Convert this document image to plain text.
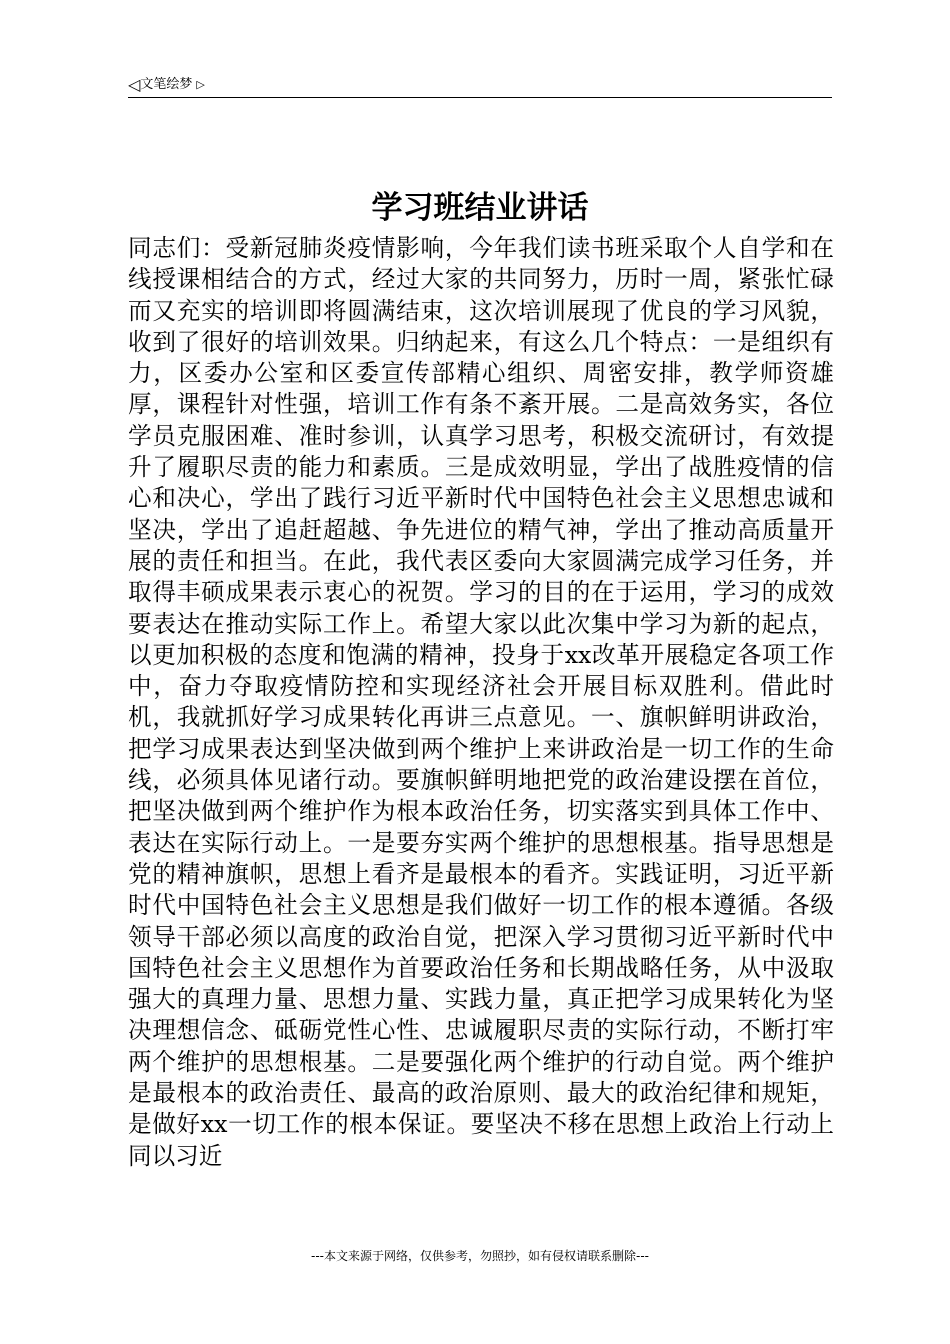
◁文笔绘梦 ▷
学习班结业讲话

同志们：受新冠肺炎疫情影响，今年我们读书班采取个人自学和在线授课相结合的方式，经过大家的共同努力，历时一周，紧张忙碌而又充实的培训即将圆满结束，这次培训展现了优良的学习风貌，收到了很好的培训效果。归纳起来，有这么几个特点：一是组织有力，区委办公室和区委宣传部精心组织、周密安排，教学师资雄厚，课程针对性强，培训工作有条不紊开展。二是高效务实，各位学员克服困难、准时参训，认真学习思考，积极交流研讨，有效提升了履职尽责的能力和素质。三是成效明显，学出了战胜疫情的信心和决心，学出了践行习近平新时代中国特色社会主义思想忠诚和坚决，学出了追赶超越、争先进位的精气神，学出了推动高质量开展的责任和担当。在此，我代表区委向大家圆满完成学习任务，并取得丰硕成果表示衷心的祝贺。学习的目的在于运用，学习的成效要表达在推动实际工作上。希望大家以此次集中学习为新的起点，以更加积极的态度和饱满的精神，投身于xx改革开展稳定各项工作中，奋力夺取疫情防控和实现经济社会开展目标双胜利。借此时机，我就抓好学习成果转化再讲三点意见。一、旗帜鲜明讲政治，把学习成果表达到坚决做到两个维护上来讲政治是一切工作的生命线，必须具体见诸行动。要旗帜鲜明地把党的政治建设摆在首位，把坚决做到两个维护作为根本政治任务，切实落实到具体工作中、表达在实际行动上。一是要夯实两个维护的思想根基。指导思想是党的精神旗帜，思想上看齐是最根本的看齐。实践证明，习近平新时代中国特色社会主义思想是我们做好一切工作的根本遵循。各级领导干部必须以高度的政治自觉，把深入学习贯彻习近平新时代中国特色社会主义思想作为首要政治任务和长期战略任务，从中汲取强大的真理力量、思想力量、实践力量，真正把学习成果转化为坚决理想信念、砥砺党性心性、忠诚履职尽责的实际行动，不断打牢两个维护的思想根基。二是要强化两个维护的行动自觉。两个维护是最根本的政治责任、最高的政治原则、最大的政治纪律和规矩，是做好xx一切工作的根本保证。要坚决不移在思想上政治上行动上同以习近

---本文来源于网络，仅供参考，勿照抄，如有侵权请联系删除---
